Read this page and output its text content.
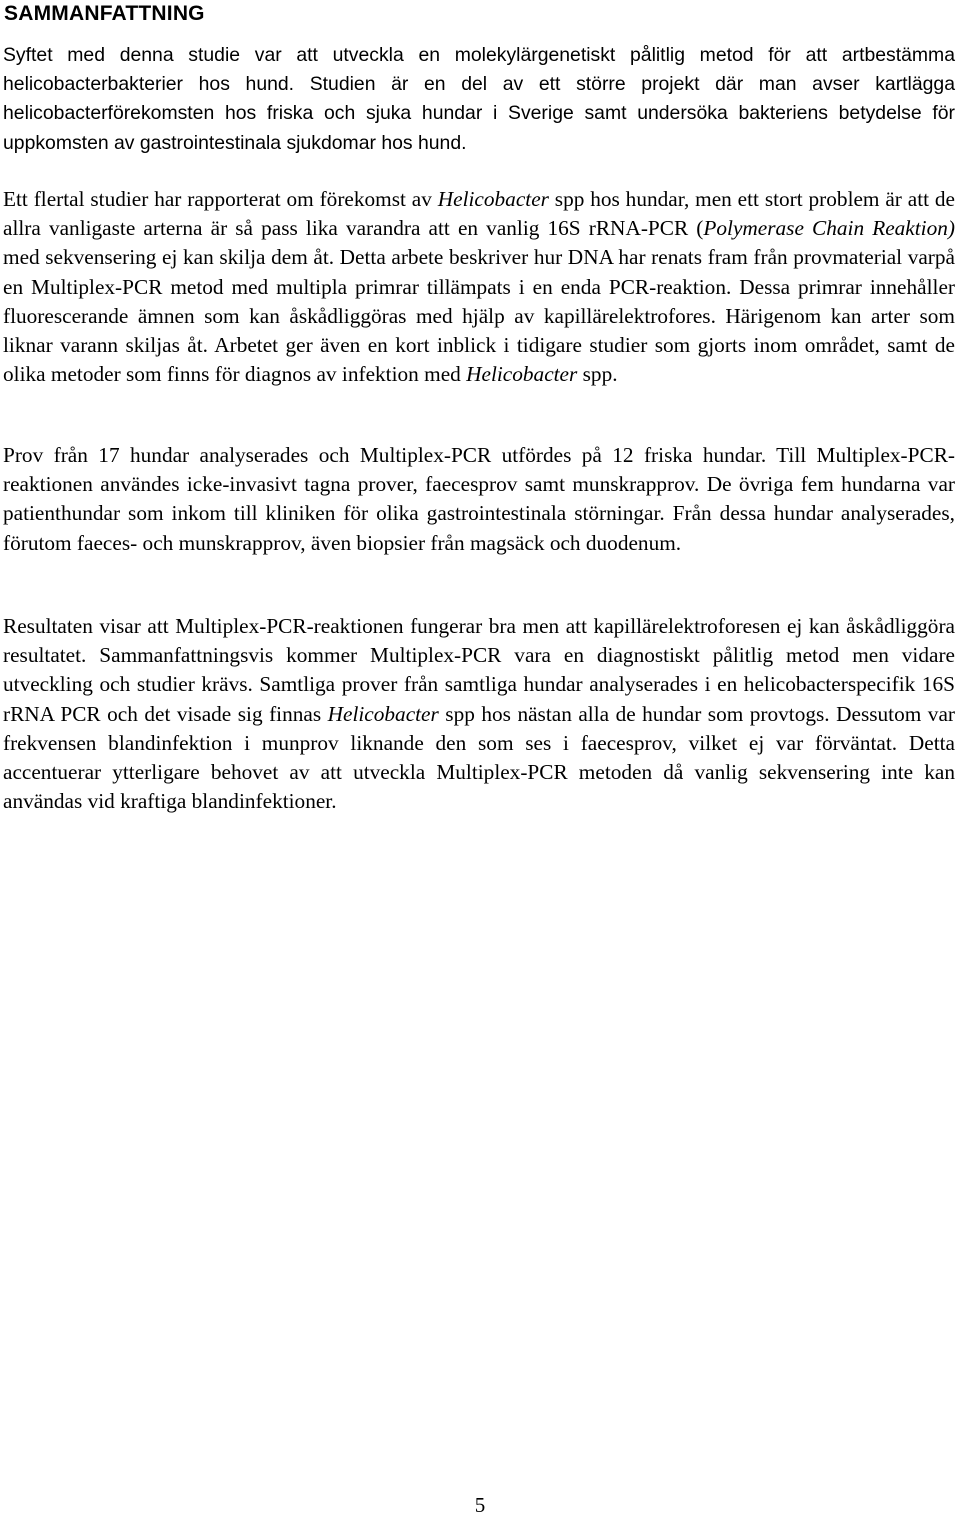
SAMMANFATTNING

Syftet med denna studie var att utveckla en molekylärgenetiskt pålitlig metod för att artbestämma helicobacterbakterier hos hund. Studien är en del av ett större projekt där man avser kartlägga helicobacterförekomsten hos friska och sjuka hundar i Sverige samt undersöka bakteriens betydelse för uppkomsten av gastrointestinala sjukdomar hos hund.

Ett flertal studier har rapporterat om förekomst av Helicobacter spp hos hundar, men ett stort problem är att de allra vanligaste arterna är så pass lika varandra att en vanlig 16S rRNA-PCR (Polymerase Chain Reaktion) med sekvensering ej kan skilja dem åt. Detta arbete beskriver hur DNA har renats fram från provmaterial varpå en Multiplex-PCR metod med multipla primrar tillämpats i en enda PCR-reaktion. Dessa primrar innehåller fluorescerande ämnen som kan åskådliggöras med hjälp av kapillärelektrofores. Härigenom kan arter som liknar varann skiljas åt. Arbetet ger även en kort inblick i tidigare studier som gjorts inom området, samt de olika metoder som finns för diagnos av infektion med Helicobacter spp.

Prov från 17 hundar analyserades och Multiplex-PCR utfördes på 12 friska hundar. Till Multiplex-PCR-reaktionen användes icke-invasivt tagna prover, faecesprov samt munskrapprov. De övriga fem hundarna var patienthundar som inkom till kliniken för olika gastrointestinala störningar. Från dessa hundar analyserades, förutom faeces- och munskrapprov, även biopsier från magsäck och duodenum.

Resultaten visar att Multiplex-PCR-reaktionen fungerar bra men att kapillärelektroforesen ej kan åskådliggöra resultatet. Sammanfattningsvis kommer Multiplex-PCR vara en diagnostiskt pålitlig metod men vidare utveckling och studier krävs. Samtliga prover från samtliga hundar analyserades i en helicobacterspecifik 16S rRNA PCR och det visade sig finnas Helicobacter spp hos nästan alla de hundar som provtogs. Dessutom var frekvensen blandinfektion i munprov liknande den som ses i faecesprov, vilket ej var förväntat. Detta accentuerar ytterligare behovet av att utveckla Multiplex-PCR metoden då vanlig sekvensering inte kan användas vid kraftiga blandinfektioner.

5
